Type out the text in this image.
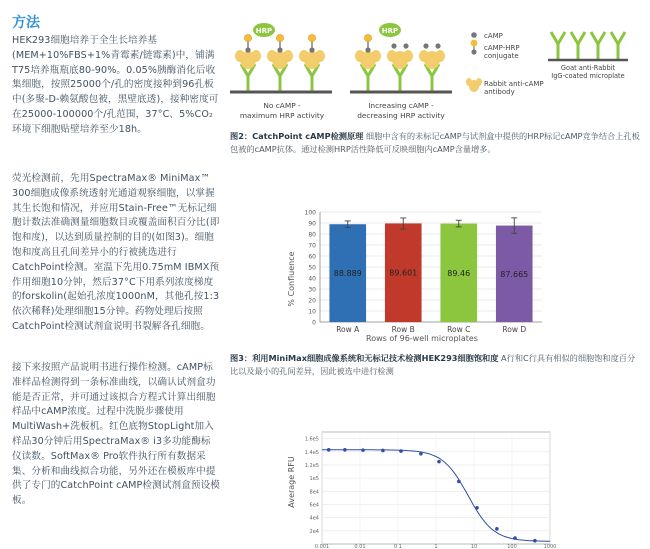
方法

HEK293细胞培养于全生长培养基(MEM+10%FBS+1%青霉素/链霉素)中，铺满T75培养瓶瓶底80-90%。0.05%胰酶消化后收集细胞，按照25000个/孔的密度接种到96孔板中(多聚-D-赖氨酸包被，黑壁底透)，接种密度可在25000-100000个/孔范围，37°C、5%CO₂环境下细胞贴壁培养至少18h。

荧光检测前，先用SpectraMax® MiniMax™ 300细胞成像系统透射光通道观察细胞，以掌握其生长饱和情况，并应用Stain-Free™无标记细胞计数法准确测量细胞数目或覆盖面积百分比(即饱和度)，以达到质量控制的目的(如图3)。细胞饱和度高且孔间差异小的行被挑选进行CatchPoint检测。室温下先用0.75mM IBMX预作用细胞10分钟，然后37°C下用系列浓度梯度的forskolin(起始孔浓度1000nM，其他孔按1:3依次稀释)处理细胞15分钟。药物处理后按照CatchPoint检测试剂盒说明书裂解各孔细胞。

接下来按照产品说明书进行操作检测。cAMP标准样品检测得到一条标准曲线，以确认试剂盒功能是否正常，并可通过该拟合方程式计算出细胞样品中cAMP浓度。过程中洗脱步骤使用MultiWash+洗板机。红色底物StopLight加入样品30分钟后用SpectraMax® i3多功能酶标仪读数。SoftMax® Pro软件执行所有数据采集、分析和曲线拟合功能，另外还在模板库中提供了专门的CatchPoint cAMP检测试剂盒预设模板。

HRP	HRP
No cAMP -
maximum HRP activity
Increasing cAMP -
decreasing HRP activity
cAMP
cAMP-HRP
conjugate
Goat anti-Rabbit
IgG-coated microplate
Rabbit anti-cAMP
antibody

图2：CatchPoint cAMP检测原理 细胞中含有的未标记cAMP与试剂盒中提供的HRP标记cAMP竞争结合上孔板包被的cAMP抗体。通过检测HRP活性降低可反映细胞内cAMP含量增多。

% Confluence
Rows of 96-well microplates
0
10
20
30
40
50
60
70
80
90
100
88.889
Row A
89.601
Row B
89.46
Row C
87.665
Row D

图3：利用MiniMax细胞成像系统和无标记技术检测HEK293细胞饱和度 A行和C行具有相似的细胞饱和度百分比以及最小的孔间差异，因此被选中进行检测

Average RFU
1.6e5
1.4e5
1.2e5
1e5
8e4
6e4
4e4
2e4
0.001	0.01	0.1	1	10	100	1000
